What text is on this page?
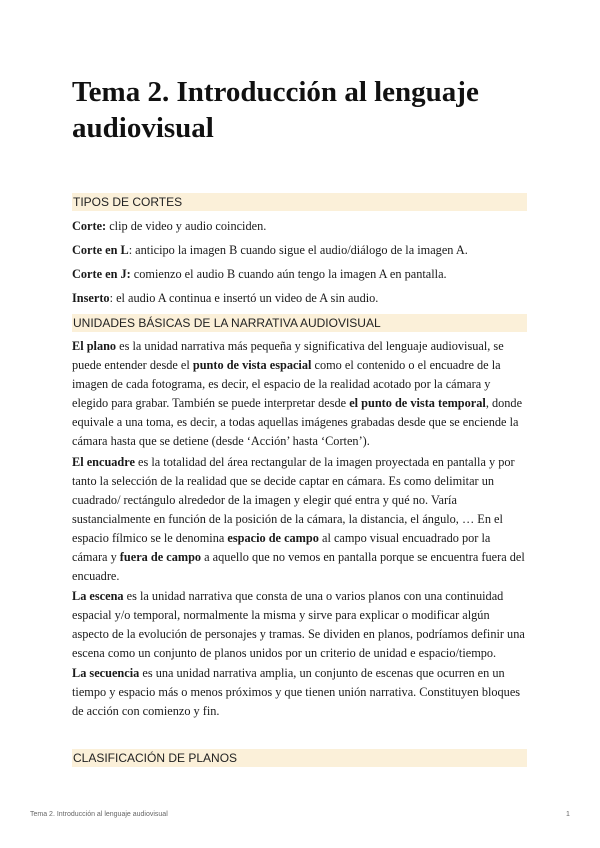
Tema 2. Introducción al lenguaje audiovisual
TIPOS DE CORTES

Corte: clip de video y audio coinciden.

Corte en L: anticipo la imagen B cuando sigue el audio/diálogo de la imagen A.

Corte en J: comienzo el audio B cuando aún tengo la imagen A en pantalla.

Inserto: el audio A continua e insertó un video de A sin audio.

UNIDADES BÁSICAS DE LA NARRATIVA AUDIOVISUAL

El plano es la unidad narrativa más pequeña y significativa del lenguaje audiovisual, se puede entender desde el punto de vista espacial como el contenido o el encuadre de la imagen de cada fotograma, es decir, el espacio de la realidad acotado por la cámara y elegido para grabar. También se puede interpretar desde el punto de vista temporal, donde equivale a una toma, es decir, a todas aquellas imágenes grabadas desde que se enciende la cámara hasta que se detiene (desde ‘Acción’ hasta ‘Corten’).

El encuadre es la totalidad del área rectangular de la imagen proyectada en pantalla y por tanto la selección de la realidad que se decide captar en cámara. Es como delimitar un cuadrado/ rectángulo alrededor de la imagen y elegir qué entra y qué no. Varía sustancialmente en función de la posición de la cámara, la distancia, el ángulo, … En el espacio fílmico se le denomina espacio de campo al campo visual encuadrado por la cámara y fuera de campo a aquello que no vemos en pantalla porque se encuentra fuera del encuadre.

La escena es la unidad narrativa que consta de una o varios planos con una continuidad espacial y/o temporal, normalmente la misma y sirve para explicar o modificar algún aspecto de la evolución de personajes y tramas. Se dividen en planos, podríamos definir una escena como un conjunto de planos unidos por un criterio de unidad e espacio/tiempo.

La secuencia es una unidad narrativa amplia, un conjunto de escenas que ocurren en un tiempo y espacio más o menos próximos y que tienen unión narrativa. Constituyen bloques de acción con comienzo y fin.

CLASIFICACIÓN DE PLANOS
Tema 2. Introducción al lenguaje audiovisual	1
